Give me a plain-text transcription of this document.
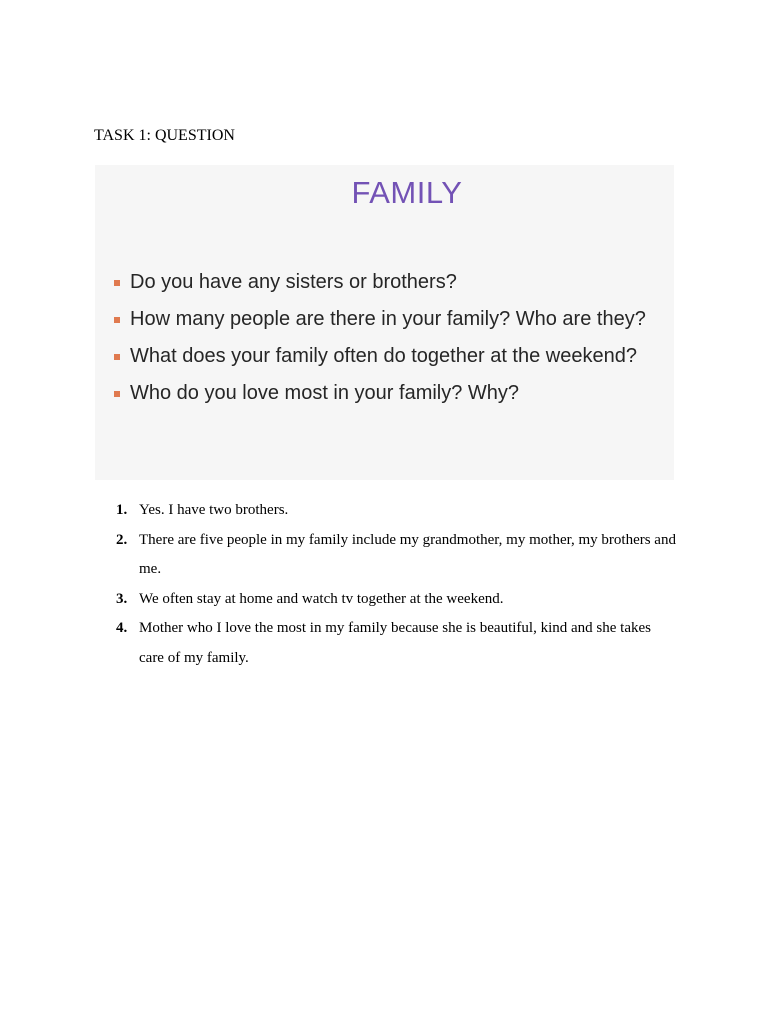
TASK 1: QUESTION
FAMILY
Do you have any sisters or brothers?
How many people are there in your family? Who are they?
What does your family often do together at the weekend?
Who do you love most in your family? Why?
1. Yes. I have two brothers.
2. There are five people in my family include my grandmother, my mother, my brothers and me.
3. We often stay at home and watch tv together at the weekend.
4. Mother who I love the most in my family because she is beautiful, kind and she takes care of my family.
